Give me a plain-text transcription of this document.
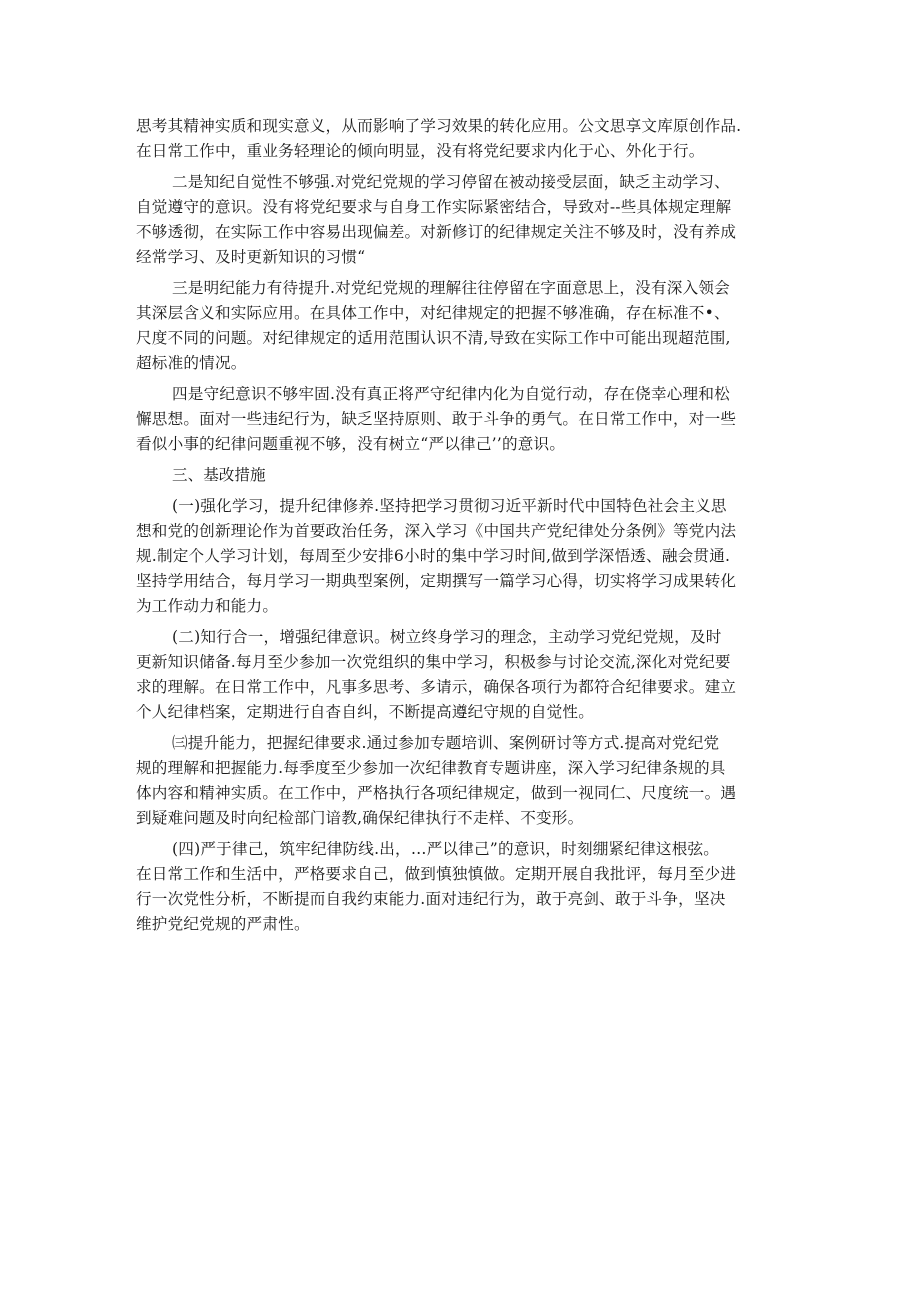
思考其精神实质和现实意义，从而影响了学习效果的转化应用。公文思享文库原创作品.
在日常工作中，重业务轻理论的倾向明显，没有将党纪要求内化于心、外化于行。
二是知纪自觉性不够强.对党纪党规的学习停留在被动接受层面，缺乏主动学习、
自觉遵守的意识。没有将党纪要求与自身工作实际紧密结合，导致对--些具体规定理解
不够透彻，在实际工作中容易出现偏差。对新修订的纪律规定关注不够及时，没有养成
经常学习、及时更新知识的习惯“
三是明纪能力有待提升.对党纪党规的理解往往停留在字面意思上，没有深入领会
其深层含义和实际应用。在具体工作中，对纪律规定的把握不够准确，存在标准不•、
尺度不同的问题。对纪律规定的适用范围认识不清,导致在实际工作中可能出现超范围,
超标准的情况。
四是守纪意识不够牢固.没有真正将严守纪律内化为自觉行动，存在侥幸心理和松
懈思想。面对一些违纪行为，缺乏坚持原则、敢于斗争的勇气。在日常工作中，对一些
看似小事的纪律问题重视不够，没有树立“严以律己’’的意识。
三、基改措施
(一)强化学习，提升纪律修养.坚持把学习贯彻习近平新时代中国特色社会主义思
想和党的创新理论作为首要政治任务，深入学习《中国共产党纪律处分条例》等党内法
规.制定个人学习计划，每周至少安排6小时的集中学习时间,做到学深悟透、融会贯通.
坚持学用结合，每月学习一期典型案例，定期撰写一篇学习心得，切实将学习成果转化
为工作动力和能力。
(二)知行合一，增强纪律意识。树立终身学习的理念，主动学习党纪党规，及时
更新知识储备.每月至少参加一次党组织的集中学习，积极参与讨论交流,深化对党纪要
求的理解。在日常工作中，凡事多思考、多请示，确保各项行为都符合纪律要求。建立
个人纪律档案，定期进行自杳自纠，不断提高遵纪守规的自觉性。
㈢提升能力，把握纪律要求.通过参加专题培训、案例研讨等方式.提高对党纪党
规的理解和把握能力.每季度至少参加一次纪律教育专题讲座，深入学习纪律条规的具
体内容和精神实质。在工作中，严格执行各项纪律规定，做到一视同仁、尺度统一。遇
到疑难问题及时向纪检部门谙教,确保纪律执行不走样、不变形。
(四)严于律己，筑牢纪律防线.出，…严以律己”的意识，时刻绷紧纪律这根弦。
在日常工作和生活中，严格要求自己，做到慎独慎做。定期开展自我批评，每月至少进
行一次党性分析，不断提而自我约束能力.面对违纪行为，敢于亮剑、敢于斗争，坚决
维护党纪党规的严肃性。
